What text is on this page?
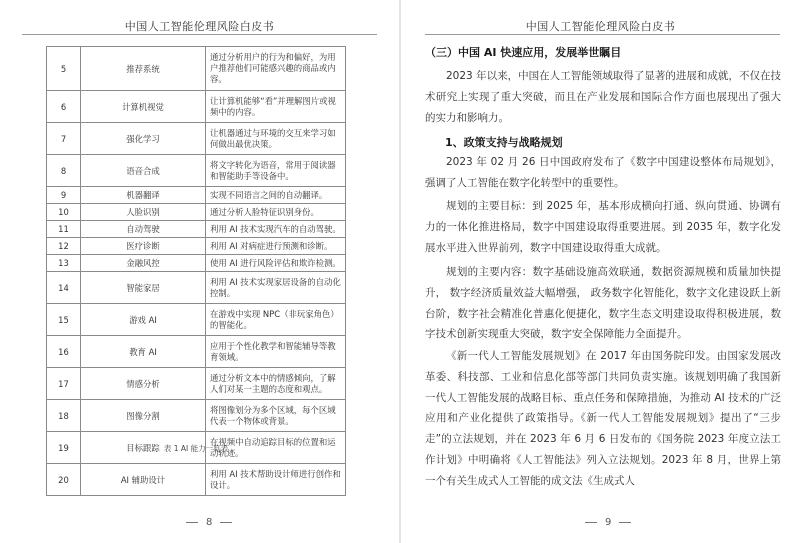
中国人工智能伦理风险白皮书
5	推荐系统	通过分析用户的行为和偏好，为用户推荐他们可能感兴趣的商品或内容。
6	计算机视觉	让计算机能够“看”并理解图片或视频中的内容。
7	强化学习	让机器通过与环境的交互来学习如何做出最优决策。
8	语音合成	将文字转化为语音，常用于阅读器和智能助手等设备中。
9	机器翻译	实现不同语言之间的自动翻译。
10	人脸识别	通过分析人脸特征识别身份。
11	自动驾驶	利用 AI 技术实现汽车的自动驾驶。
12	医疗诊断	利用 AI 对病症进行预测和诊断。
13	金融风控	使用 AI 进行风险评估和欺诈检测。
14	智能家居	利用 AI 技术实现家居设备的自动化控制。
15	游戏 AI	在游戏中实现 NPC（非玩家角色）的智能化。
16	教育 AI	应用于个性化教学和智能辅导等教育领域。
17	情感分析	通过分析文本中的情感倾向，了解人们对某一主题的态度和观点。
18	图像分割	将图像划分为多个区域，每个区域代表一个物体或背景。
19	目标跟踪	在视频中自动追踪目标的位置和运动轨迹。
20	AI 辅助设计	利用 AI 技术帮助设计师进行创作和设计。
表 1 AI 能力一览表
8
中国人工智能伦理风险白皮书
（三）中国 AI 快速应用，发展举世瞩目
2023 年以来，中国在人工智能领域取得了显著的进展和成就，不仅在技术研究上实现了重大突破，而且在产业发展和国际合作方面也展现出了强大的实力和影响力。
1、政策支持与战略规划
2023 年 02 月 26 日中国政府发布了《数字中国建设整体布局规划》，强调了人工智能在数字化转型中的重要性。
规划的主要目标：到 2025 年，基本形成横向打通、纵向贯通、协调有力的一体化推进格局，数字中国建设取得重要进展。到 2035 年，数字化发展水平进入世界前列，数字中国建设取得重大成就。
规划的主要内容：数字基础设施高效联通，数据资源规模和质量加快提升， 数字经济质量效益大幅增强， 政务数字化智能化，数字文化建设跃上新台阶，数字社会精准化普惠化便捷化，数字生态文明建设取得积极进展，数字技术创新实现重大突破，数字安全保障能力全面提升。
《新一代人工智能发展规划》在 2017 年由国务院印发。由国家发展改革委、科技部、工业和信息化部等部门共同负责实施。该规划明确了我国新一代人工智能发展的战略目标、重点任务和保障措施，为推动 AI 技术的广泛应用和产业化提供了政策指导。《新一代人工智能发展规划》提出了“三步走”的立法规划，并在 2023 年 6 月 6 日发布的《国务院 2023 年度立法工作计划》中明确将《人工智能法》列入立法规划。2023 年 8 月，世界上第一个有关生成式人工智能的成文法《生成式人
9
